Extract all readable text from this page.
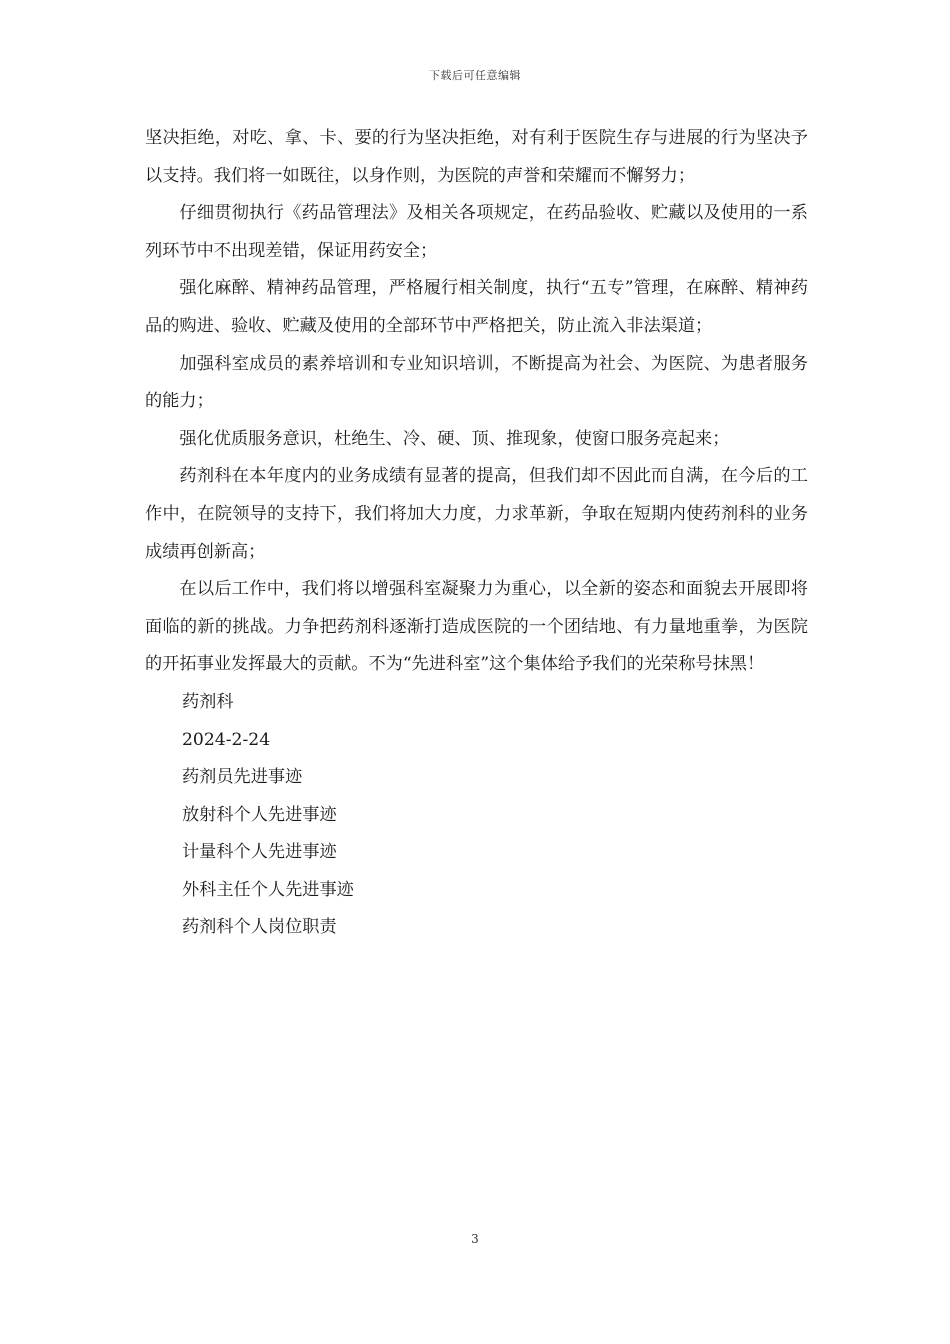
下载后可任意编辑

坚决拒绝，对吃、拿、卡、要的行为坚决拒绝，对有利于医院生存与进展的行为坚决予以支持。我们将一如既往，以身作则，为医院的声誉和荣耀而不懈努力；

仔细贯彻执行《药品管理法》及相关各项规定，在药品验收、贮藏以及使用的一系列环节中不出现差错，保证用药安全；

强化麻醉、精神药品管理，严格履行相关制度，执行“五专”管理，在麻醉、精神药品的购进、验收、贮藏及使用的全部环节中严格把关，防止流入非法渠道；

加强科室成员的素养培训和专业知识培训，不断提高为社会、为医院、为患者服务的能力；

强化优质服务意识，杜绝生、冷、硬、顶、推现象，使窗口服务亮起来；

药剂科在本年度内的业务成绩有显著的提高，但我们却不因此而自满，在今后的工作中，在院领导的支持下，我们将加大力度，力求革新，争取在短期内使药剂科的业务成绩再创新高；

在以后工作中，我们将以增强科室凝聚力为重心，以全新的姿态和面貌去开展即将面临的新的挑战。力争把药剂科逐渐打造成医院的一个团结地、有力量地重拳，为医院的开拓事业发挥最大的贡献。不为“先进科室”这个集体给予我们的光荣称号抹黑！

药剂科

2024-2-24

药剂员先进事迹

放射科个人先进事迹

计量科个人先进事迹

外科主任个人先进事迹

药剂科个人岗位职责

3
